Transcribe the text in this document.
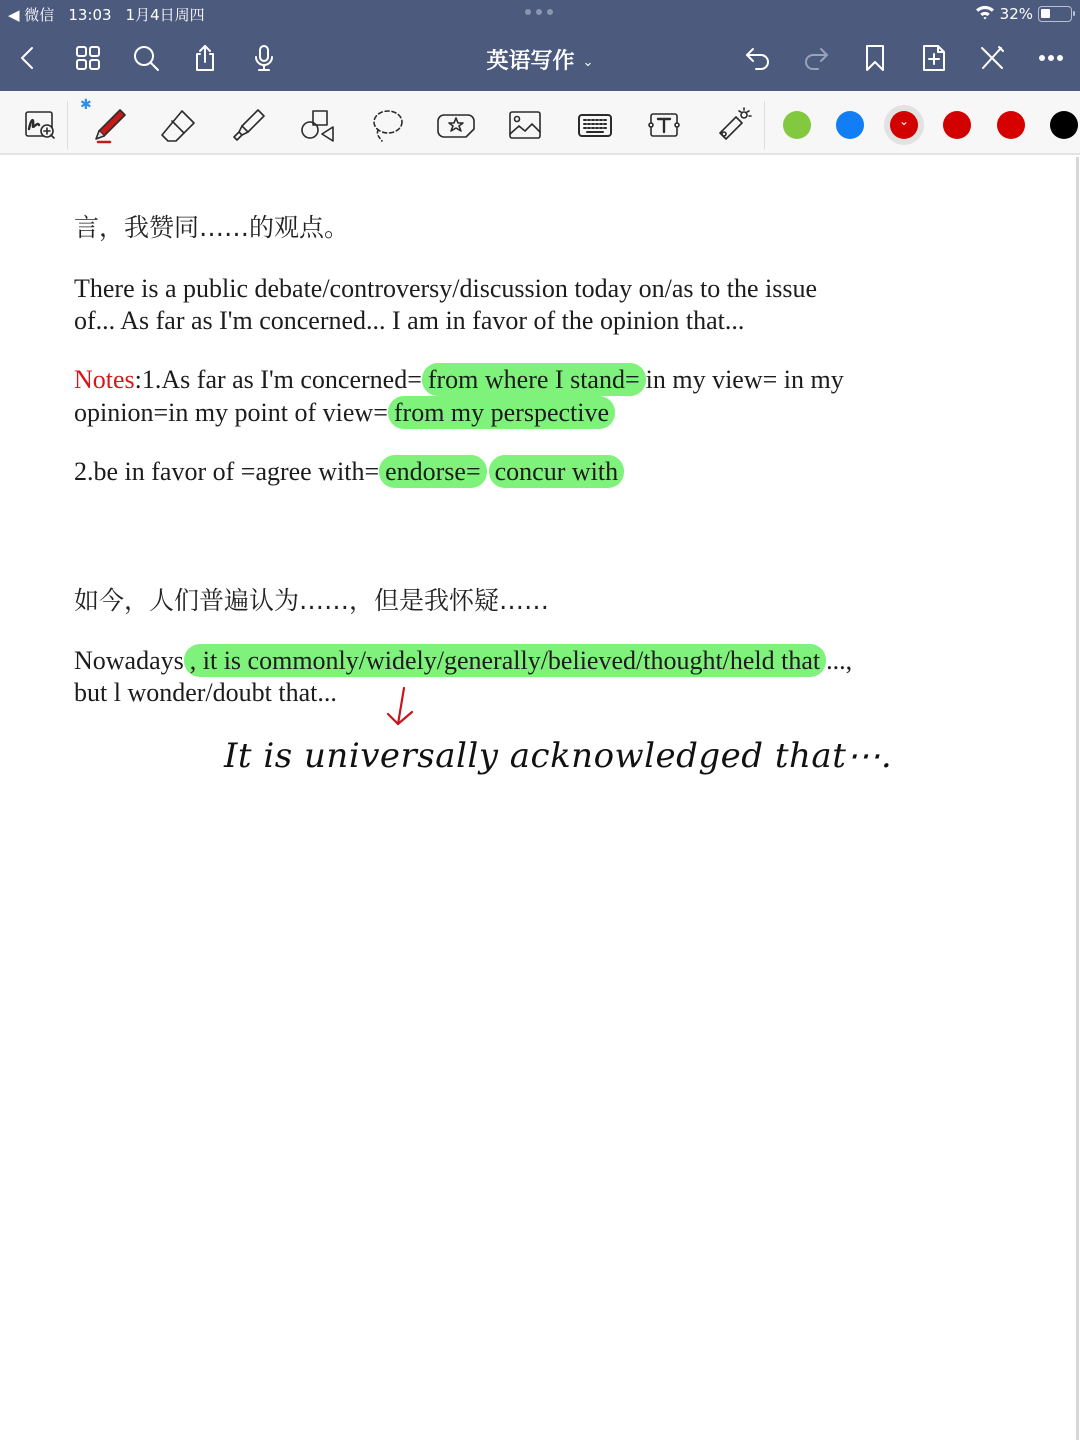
◀ 微信 13:03 1月4日周四	32%
英语写作 ⌄
✱
⌄
言，我赞同……的观点。
There is a public debate/controversy/discussion today on/as to the issue
of... As far as I'm concerned... I am in favor of the opinion that...
Notes:1.As far as I'm concerned= from where I stand= in my view= in my
opinion=in my point of view= from my perspective
2.be in favor of =agree with= endorse= concur with
如今，人们普遍认为……，但是我怀疑……
Nowadays , it is commonly/widely/generally/believed/thought/held that ...,
but l wonder/doubt that...
It is universally acknowledged that⋯.
